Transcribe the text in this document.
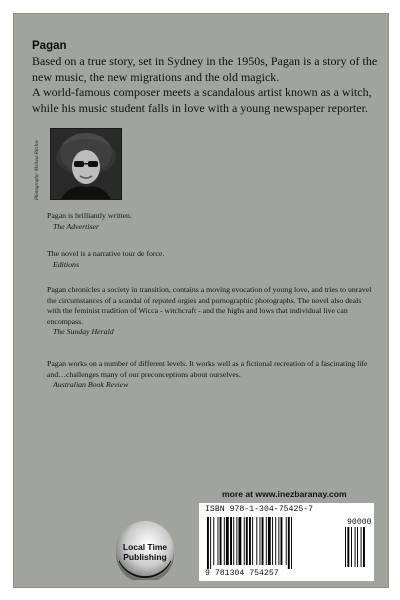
Pagan

Based on a true story, set in Sydney in the 1950s, Pagan is a story of the new music, the new migrations and the old magick.

A world-famous composer meets a scandalous artist known as a witch, while his music student falls in love with a young newspaper reporter.

Photography: Melissa Ritchie
Pagan is brilliantly written.
The Advertiser
The novel is a narrative tour de force.
Editions
Pagan chronicles a society in transition, contains a moving evocation of young love, and tries to unravel the circumstances of a scandal of reputed orgies and pornographic photographs. The novel also deals with the feminist tradition of Wicca - witchcraft - and the highs and lows that individual live can encompass.
The Sunday Herald
Pagan works on a number of different levels. It works well as a fictional recreation of a fascinating life and…challenges many of our preconceptions about ourselves.
Australian Book Review
more at www.inezbaranay.com
Local Time
Publishing
ISBN 978-1-304-75425-7
90000
9 781304 754257
